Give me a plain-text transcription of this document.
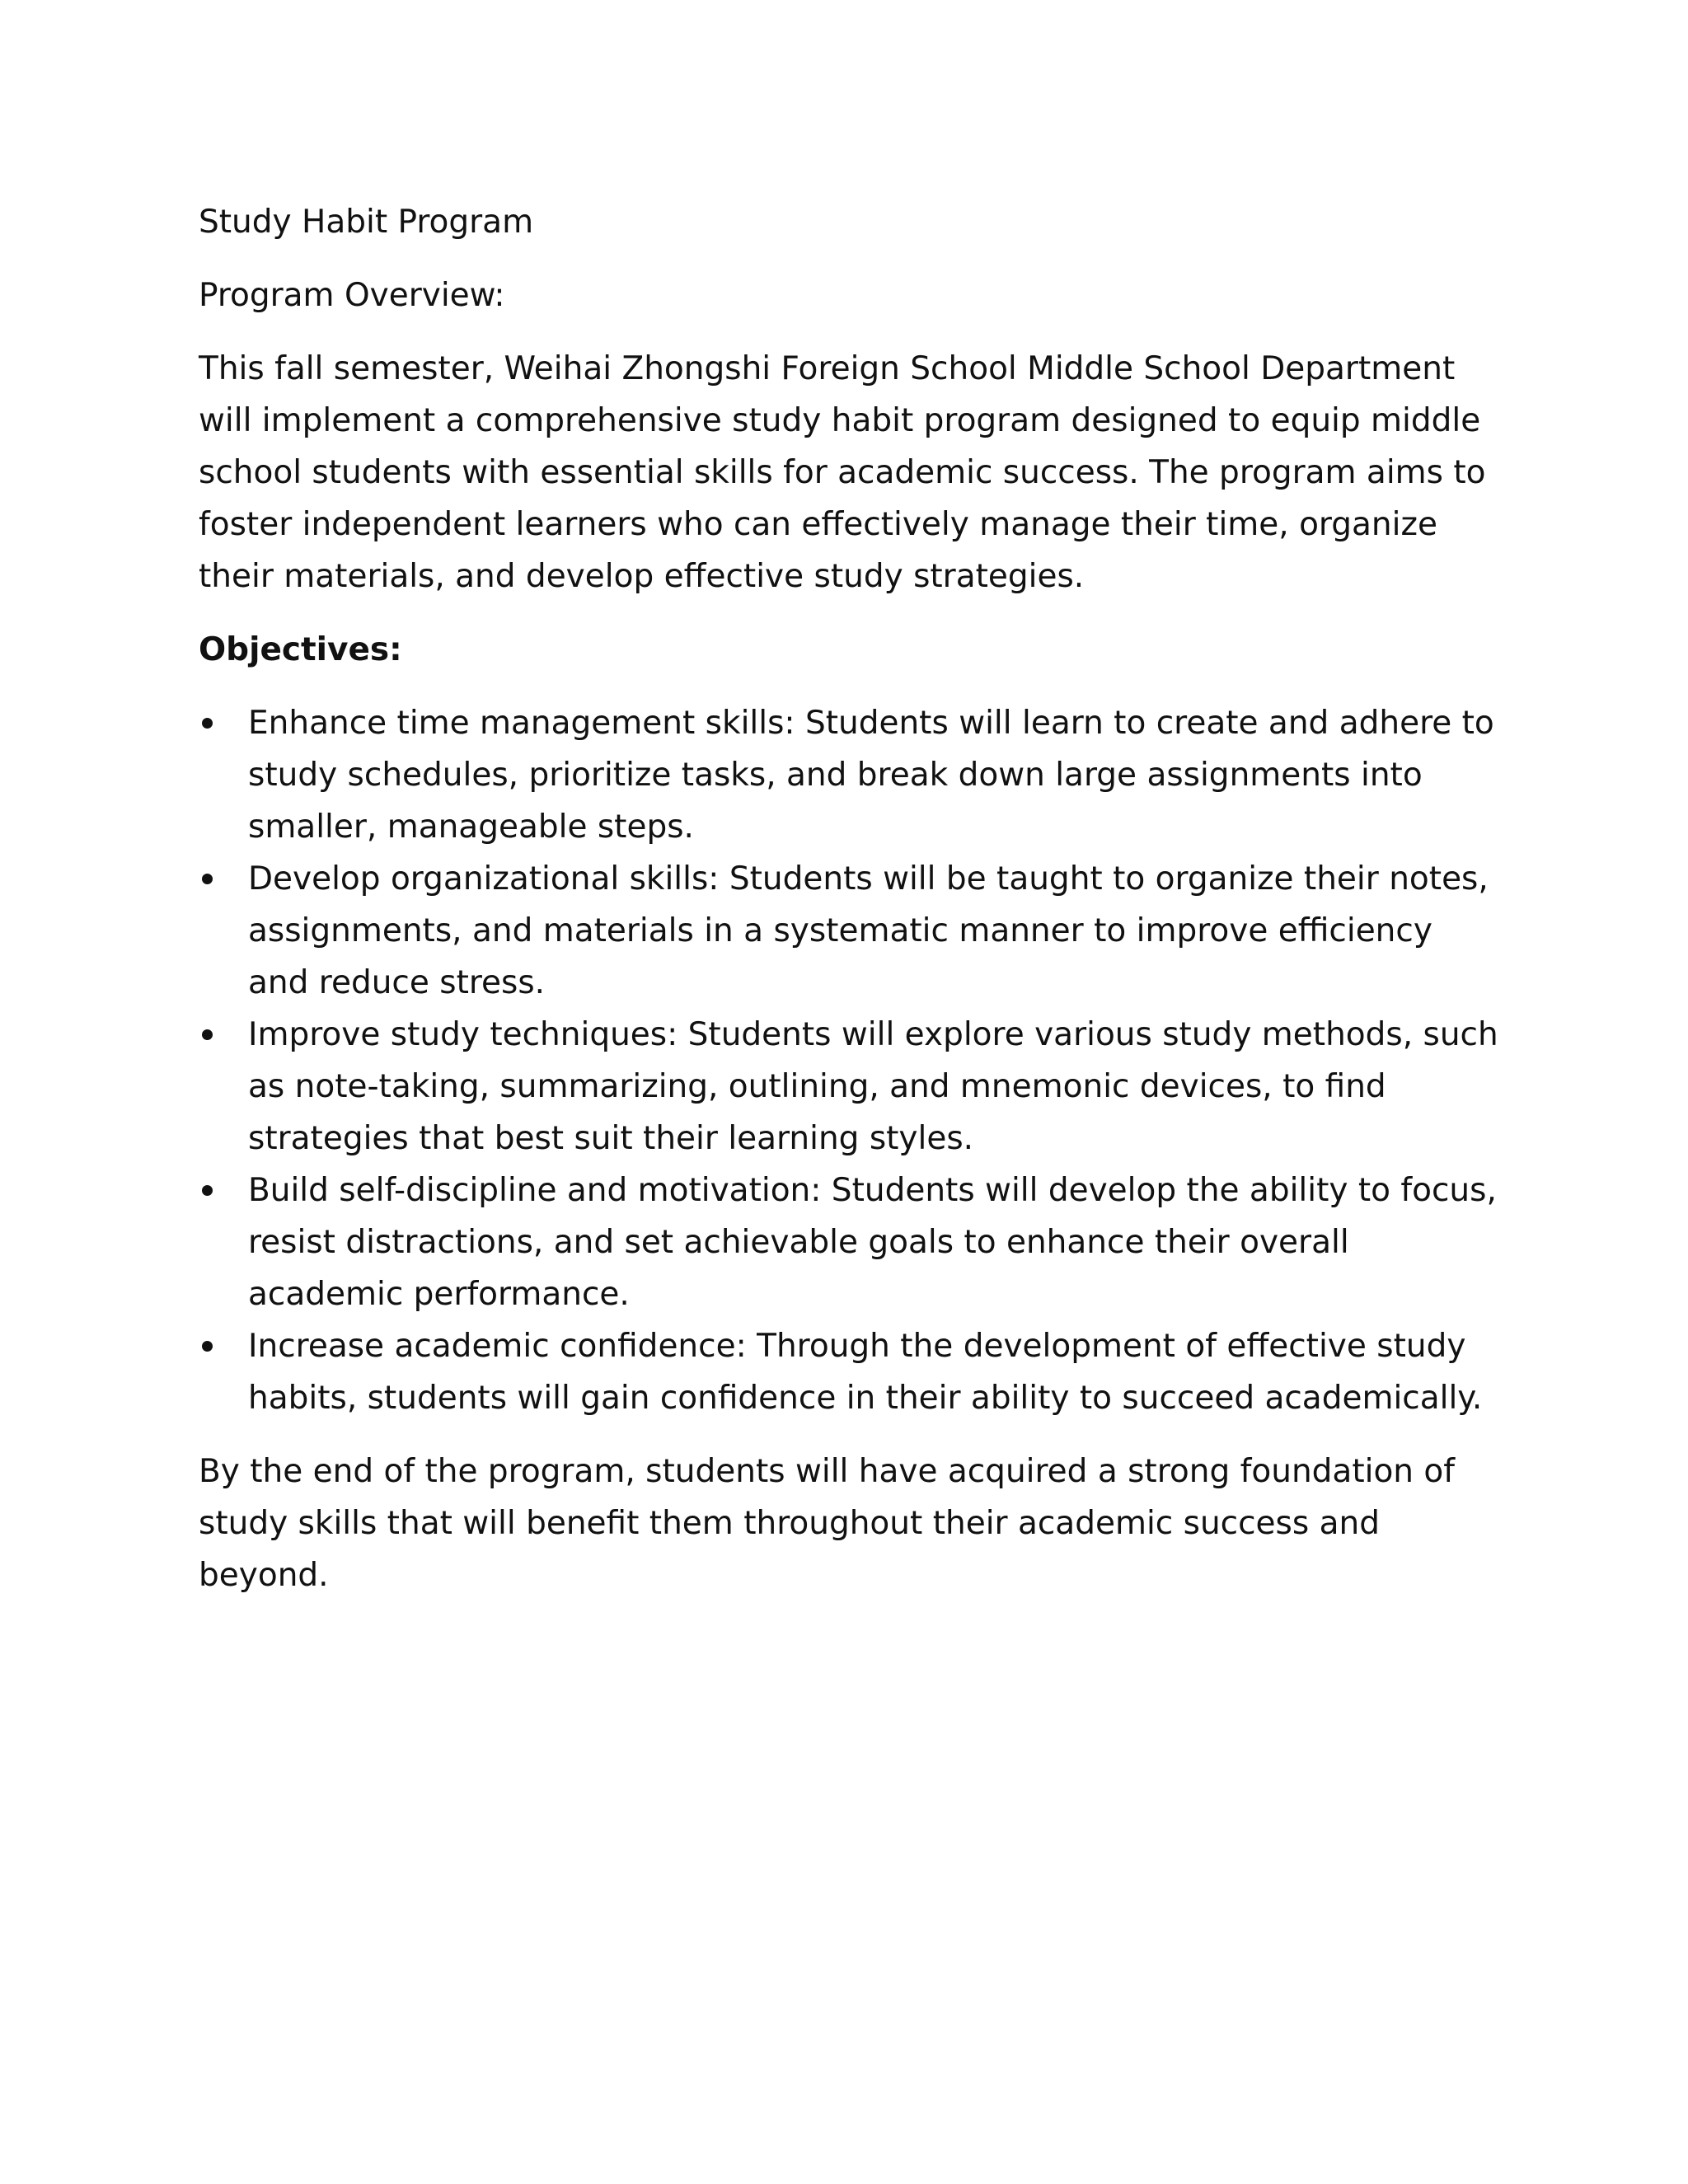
Study Habit Program

Program Overview:

This fall semester, Weihai Zhongshi Foreign School Middle School Department will implement a comprehensive study habit program designed to equip middle school students with essential skills for academic success. The program aims to foster independent learners who can effectively manage their time, organize their materials, and develop effective study strategies.

Objectives:

Enhance time management skills: Students will learn to create and adhere to study schedules, prioritize tasks, and break down large assignments into smaller, manageable steps.
Develop organizational skills: Students will be taught to organize their notes, assignments, and materials in a systematic manner to improve efficiency and reduce stress.
Improve study techniques: Students will explore various study methods, such as note-taking, summarizing, outlining, and mnemonic devices, to find strategies that best suit their learning styles.
Build self-discipline and motivation: Students will develop the ability to focus, resist distractions, and set achievable goals to enhance their overall academic performance.
Increase academic confidence: Through the development of effective study habits, students will gain confidence in their ability to succeed academically.

By the end of the program, students will have acquired a strong foundation of study skills that will benefit them throughout their academic success and beyond.
